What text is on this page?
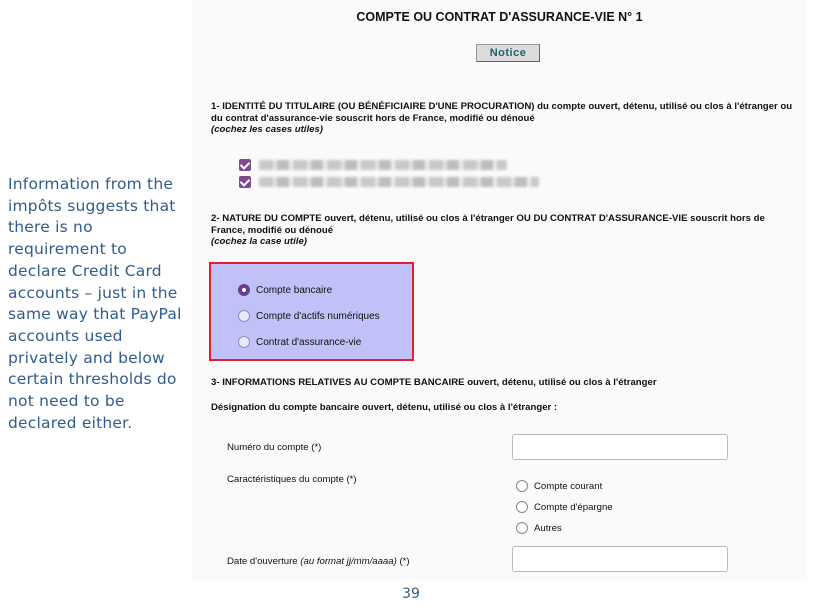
Information from the impôts suggests that there is no requirement to declare Credit Card accounts – just in the same way that PayPal accounts used privately and below certain thresholds do not need to be declared either.
COMPTE OU CONTRAT D'ASSURANCE-VIE N° 1
Notice
1- IDENTITÉ DU TITULAIRE (OU BÉNÉFICIAIRE D'UNE PROCURATION) du compte ouvert, détenu, utilisé ou clos à l'étranger ou du contrat d'assurance-vie souscrit hors de France, modifié ou dénoué
(cochez les cases utiles)
2- NATURE DU COMPTE ouvert, détenu, utilisé ou clos à l'étranger OU DU CONTRAT D'ASSURANCE-VIE souscrit hors de France, modifié ou dénoué
(cochez la case utile)
Compte bancaire
Compte d'actifs numériques
Contrat d'assurance-vie
3- INFORMATIONS RELATIVES AU COMPTE BANCAIRE ouvert, détenu, utilisé ou clos à l'étranger
Désignation du compte bancaire ouvert, détenu, utilisé ou clos à l'étranger :
Numéro du compte (*)
Caractéristiques du compte (*)
Compte courant
Compte d'épargne
Autres
Date d'ouverture (au format jj/mm/aaaa) (*)
39
